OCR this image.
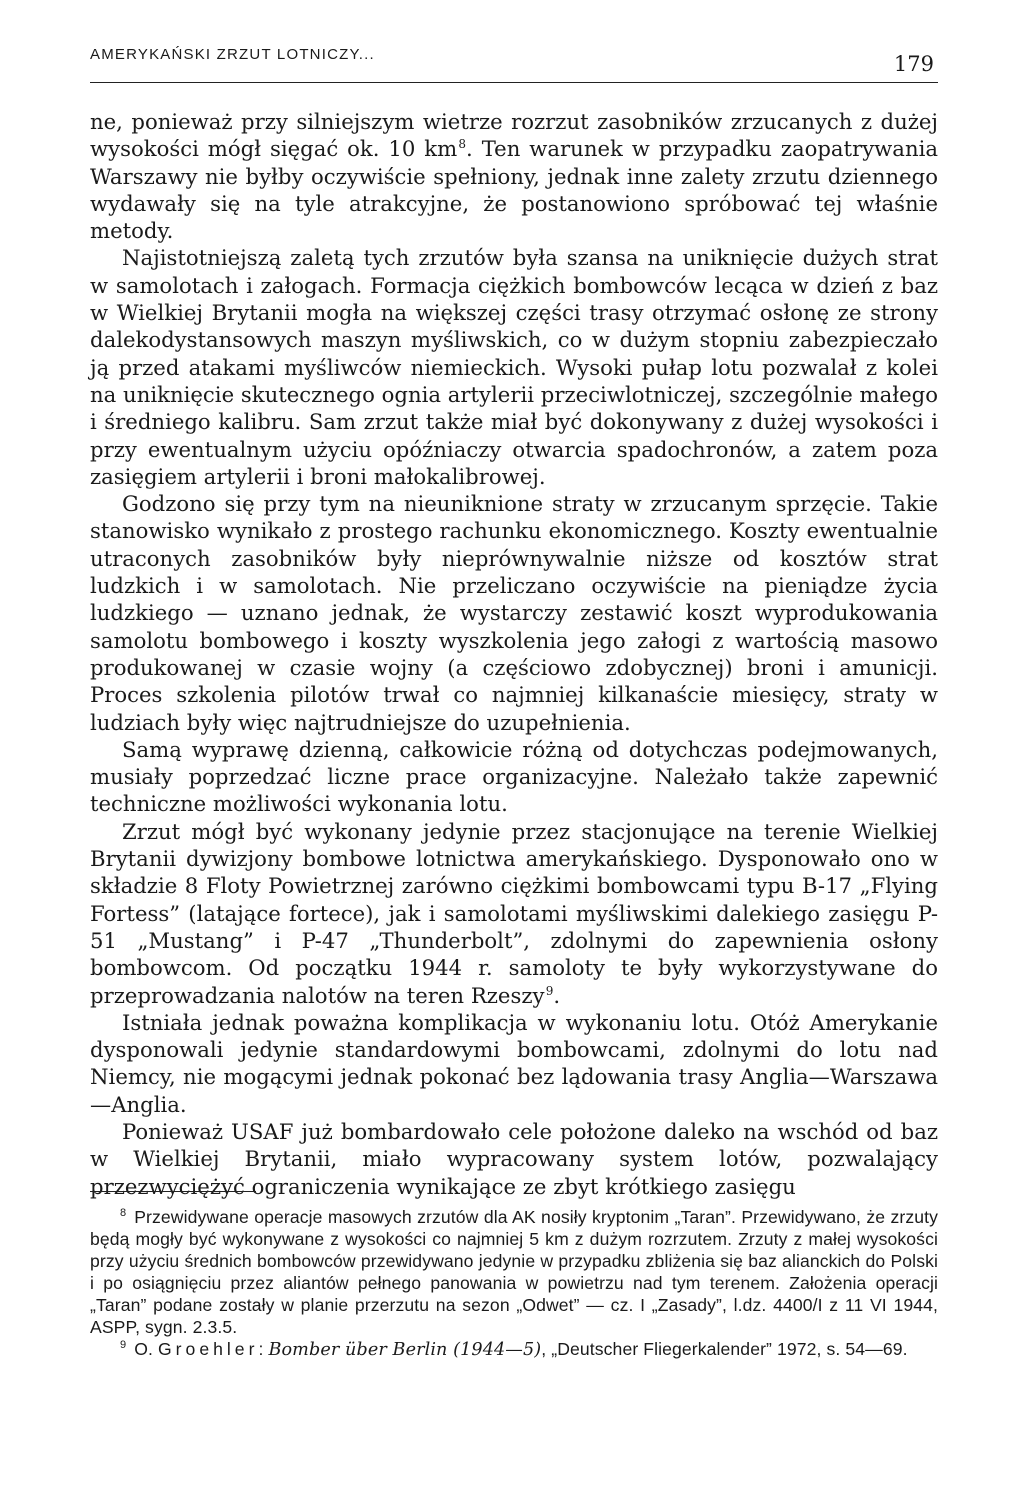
AMERYKAŃSKI ZRZUT LOTNICZY...	179

ne, ponieważ przy silniejszym wietrze rozrzut zasobników zrzucanych z dużej wysokości mógł sięgać ok. 10 km $^8$. Ten warunek w przypadku zaopatrywania Warszawy nie byłby oczywiście spełniony, jednak inne zalety zrzutu dziennego wydawały się na tyle atrakcyjne, że postanowiono spróbować tej właśnie metody.

Najistotniejszą zaletą tych zrzutów była szansa na uniknięcie dużych strat w samolotach i załogach. Formacja ciężkich bombowców lecąca w dzień z baz w Wielkiej Brytanii mogła na większej części trasy otrzymać osłonę ze strony dalekodystansowych maszyn myśliwskich, co w dużym stopniu zabezpieczało ją przed atakami myśliwców niemieckich. Wysoki pułap lotu pozwalał z kolei na uniknięcie skutecznego ognia artylerii przeciwlotniczej, szczególnie małego i średniego kalibru. Sam zrzut także miał być dokonywany z dużej wysokości i przy ewentualnym użyciu opóźniaczy otwarcia spadochronów, a zatem poza zasięgiem artylerii i broni małokalibrowej.

Godzono się przy tym na nieuniknione straty w zrzucanym sprzęcie. Takie stanowisko wynikało z prostego rachunku ekonomicznego. Koszty ewentualnie utraconych zasobników były nieprównywalnie niższe od kosztów strat ludzkich i w samolotach. Nie przeliczano oczywiście na pieniądze życia ludzkiego — uznano jednak, że wystarczy zestawić koszt wyprodukowania samolotu bombowego i koszty wyszkolenia jego załogi z wartością masowo produkowanej w czasie wojny (a częściowo zdobycznej) broni i amunicji. Proces szkolenia pilotów trwał co najmniej kilkanaście miesięcy, straty w ludziach były więc najtrudniejsze do uzupełnienia.

Samą wyprawę dzienną, całkowicie różną od dotychczas podejmowanych, musiały poprzedzać liczne prace organizacyjne. Należało także zapewnić techniczne możliwości wykonania lotu.

Zrzut mógł być wykonany jedynie przez stacjonujące na terenie Wielkiej Brytanii dywizjony bombowe lotnictwa amerykańskiego. Dysponowało ono w składzie 8 Floty Powietrznej zarówno ciężkimi bombowcami typu B-17 „Flying Fortess” (latające fortece), jak i samolotami myśliwskimi dalekiego zasięgu P-51 „Mustang” i P-47 „Thunderbolt”, zdolnymi do zapewnienia osłony bombowcom. Od początku 1944 r. samoloty te były wykorzystywane do przeprowadzania nalotów na teren Rzeszy $^9$.

Istniała jednak poważna komplikacja w wykonaniu lotu. Otóż Amerykanie dysponowali jedynie standardowymi bombowcami, zdolnymi do lotu nad Niemcy, nie mogącymi jednak pokonać bez lądowania trasy Anglia—Warszawa—Anglia.

Ponieważ USAF już bombardowało cele położone daleko na wschód od baz w Wielkiej Brytanii, miało wypracowany system lotów, pozwalający przezwyciężyć ograniczenia wynikające ze zbyt krótkiego zasięgu

$^8$ Przewidywane operacje masowych zrzutów dla AK nosiły kryptonim „Taran”. Przewidywano, że zrzuty będą mogły być wykonywane z wysokości co najmniej 5 km z dużym rozrzutem. Zrzuty z małej wysokości przy użyciu średnich bombowców przewidywano jedynie w przypadku zbliżenia się baz alianckich do Polski i po osiągnięciu przez aliantów pełnego panowania w powietrzu nad tym terenem. Założenia operacji „Taran” podane zostały w planie przerzutu na sezon „Odwet” — cz. I „Zasady”, l.dz. 4400/I z 11 VI 1944, ASPP, sygn. 2.3.5.

$^9$ O. Groehler: Bomber über Berlin (1944—5), „Deutscher Fliegerkalender” 1972, s. 54—69.
